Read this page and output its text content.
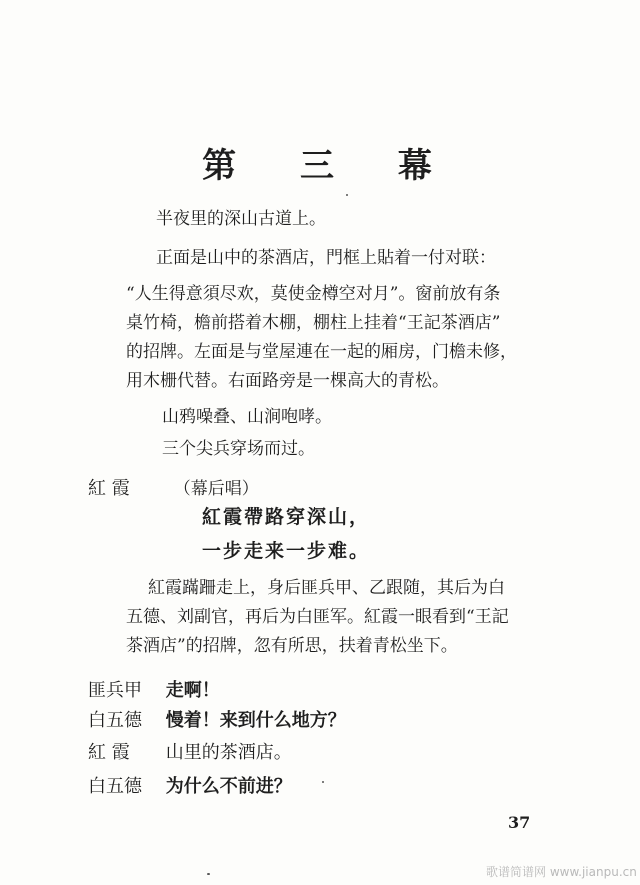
第 三 幕
半夜里的深山古道上。
正面是山中的茶酒店，門框上貼着一付对联：
“人生得意須尽欢，莫使金樽空对月”。窗前放有条
桌竹椅，檐前搭着木棚，棚柱上挂着“王記茶酒店”
的招牌。左面是与堂屋連在一起的厢房，门檐未修，
用木栅代替。右面路旁是一棵高大的青松。
山鸦噪叠、山涧咆哮。
三个尖兵穿场而过。
紅 霞	（幕后唱）
紅霞帶路穿深山，
一步走来一步难。
紅霞蹣跚走上，身后匪兵甲、乙跟随，其后为白
五德、刘副官，再后为白匪军。紅霞一眼看到“王記
茶酒店”的招牌，忽有所思，扶着青松坐下。
匪兵甲 走啊！
白五德 慢着！来到什么地方？
紅 霞 山里的茶酒店。
白五德 为什么不前进？
37
歌谱简谱网 www.jianpu.cn
